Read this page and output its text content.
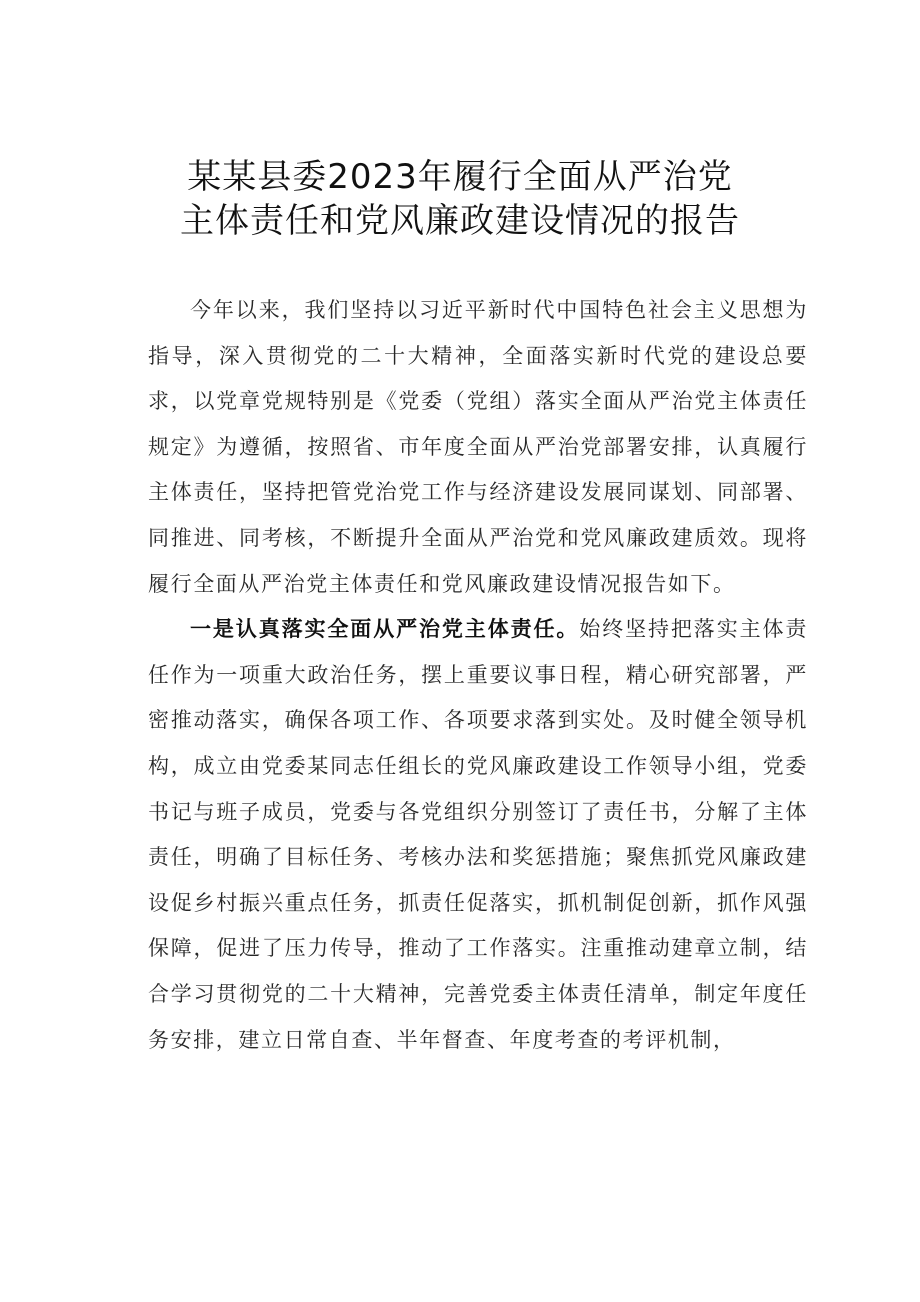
某某县委2023年履行全面从严治党
主体责任和党风廉政建设情况的报告

今年以来，我们坚持以习近平新时代中国特色社会主义思想为指导，深入贯彻党的二十大精神，全面落实新时代党的建设总要求，以党章党规特别是《党委（党组）落实全面从严治党主体责任规定》为遵循，按照省、市年度全面从严治党部署安排，认真履行主体责任，坚持把管党治党工作与经济建设发展同谋划、同部署、同推进、同考核，不断提升全面从严治党和党风廉政建质效。现将履行全面从严治党主体责任和党风廉政建设情况报告如下。

一是认真落实全面从严治党主体责任。始终坚持把落实主体责任作为一项重大政治任务，摆上重要议事日程，精心研究部署，严密推动落实，确保各项工作、各项要求落到实处。及时健全领导机构，成立由党委某同志任组长的党风廉政建设工作领导小组，党委书记与班子成员，党委与各党组织分别签订了责任书，分解了主体责任，明确了目标任务、考核办法和奖惩措施；聚焦抓党风廉政建设促乡村振兴重点任务，抓责任促落实，抓机制促创新，抓作风强保障，促进了压力传导，推动了工作落实。注重推动建章立制，结合学习贯彻党的二十大精神，完善党委主体责任清单，制定年度任务安排，建立日常自查、半年督查、年度考查的考评机制，
